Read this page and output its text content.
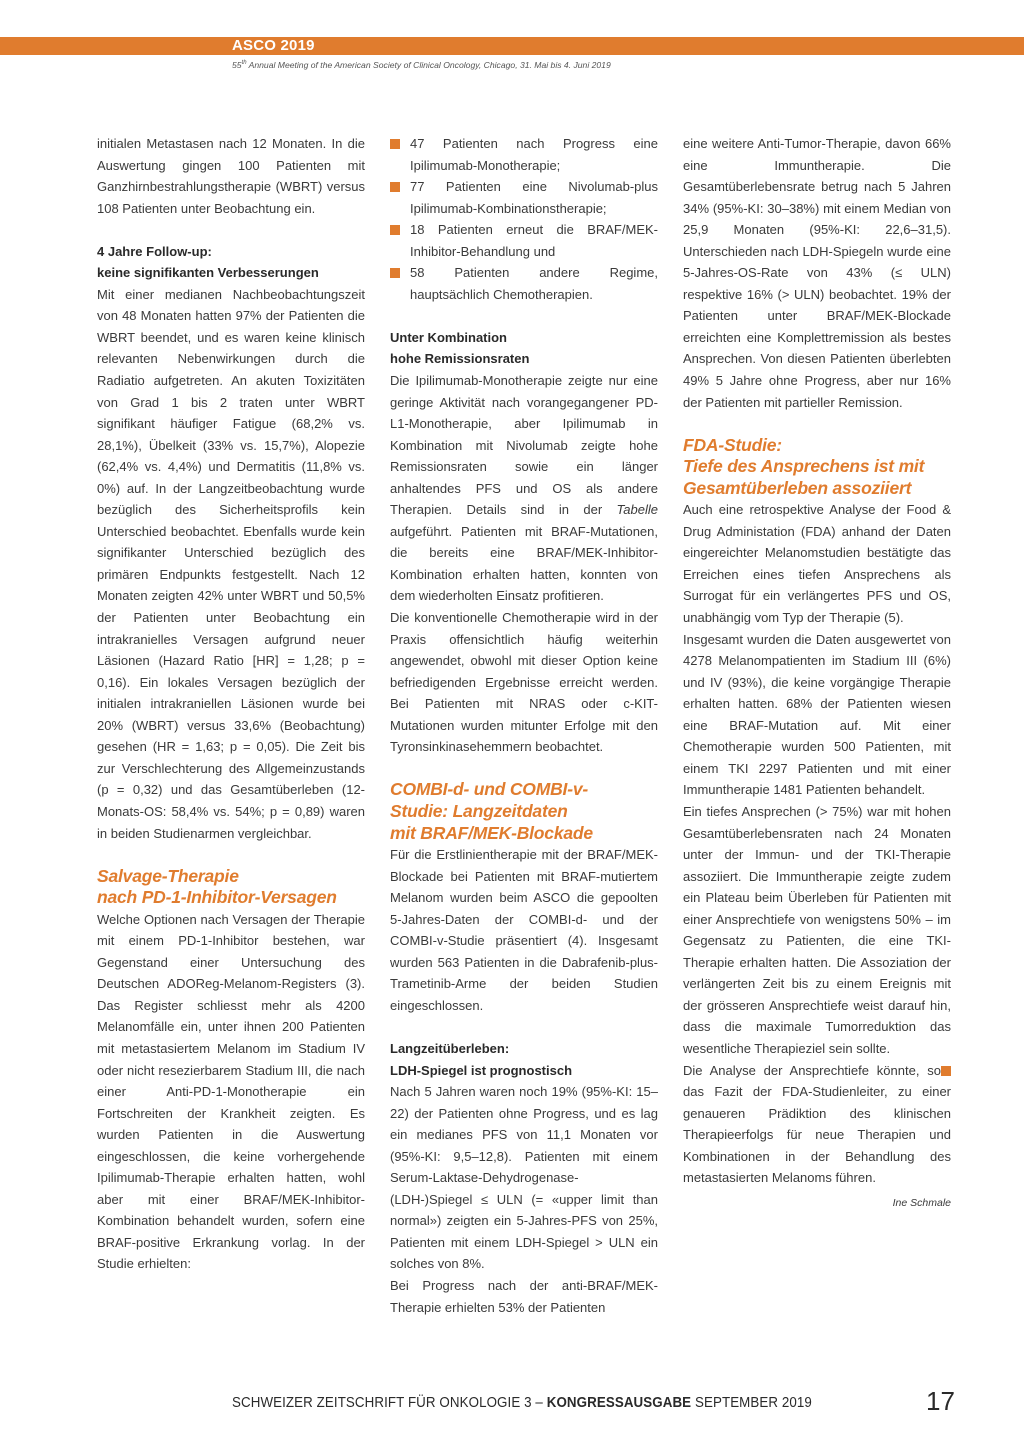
ASCO 2019
55th Annual Meeting of the American Society of Clinical Oncology, Chicago, 31. Mai bis 4. Juni 2019

initialen Metastasen nach 12 Monaten. In die Auswertung gingen 100 Patienten mit Ganzhirnbestrahlungstherapie (WBRT) versus 108 Patienten unter Beobachtung ein.

4 Jahre Follow-up:
keine signifikanten Verbesserungen

Mit einer medianen Nachbeobachtungszeit von 48 Monaten hatten 97% der Patienten die WBRT beendet, und es waren keine klinisch relevanten Nebenwirkungen durch die Radiatio aufgetreten. An akuten Toxizitäten von Grad 1 bis 2 traten unter WBRT signifikant häufiger Fatigue (68,2% vs. 28,1%), Übelkeit (33% vs. 15,7%), Alopezie (62,4% vs. 4,4%) und Dermatitis (11,8% vs. 0%) auf. In der Langzeitbeobachtung wurde bezüglich des Sicherheitsprofils kein Unterschied beobachtet. Ebenfalls wurde kein signifikanter Unterschied bezüglich des primären Endpunkts festgestellt. Nach 12 Monaten zeigten 42% unter WBRT und 50,5% der Patienten unter Beobachtung ein intrakranielles Versagen aufgrund neuer Läsionen (Hazard Ratio [HR] = 1,28; p = 0,16). Ein lokales Versagen bezüglich der initialen intrakraniellen Läsionen wurde bei 20% (WBRT) versus 33,6% (Beobachtung) gesehen (HR = 1,63; p = 0,05). Die Zeit bis zur Verschlechterung des Allgemeinzustands (p = 0,32) und das Gesamtüberleben (12-Monats-OS: 58,4% vs. 54%; p = 0,89) waren in beiden Studienarmen vergleichbar.

Salvage-Therapie
nach PD-1-Inhibitor-Versagen

Welche Optionen nach Versagen der Therapie mit einem PD-1-Inhibitor bestehen, war Gegenstand einer Untersuchung des Deutschen ADOReg-Melanom-Registers (3). Das Register schliesst mehr als 4200 Melanomfälle ein, unter ihnen 200 Patienten mit metastasiertem Melanom im Stadium IV oder nicht resezierbarem Stadium III, die nach einer Anti-PD-1-Monotherapie ein Fortschreiten der Krankheit zeigten. Es wurden Patienten in die Auswertung eingeschlossen, die keine vorhergehende Ipilimumab-Therapie erhalten hatten, wohl aber mit einer BRAF/MEK-Inhibitor-Kombination behandelt wurden, sofern eine BRAF-positive Erkrankung vorlag. In der Studie erhielten:

47 Patienten nach Progress eine Ipilimumab-Monotherapie;
77 Patienten eine Nivolumab-plus Ipilimumab-Kombinationstherapie;
18 Patienten erneut die BRAF/MEK-Inhibitor-Behandlung und
58 Patienten andere Regime, hauptsächlich Chemotherapien.
Unter Kombination
hohe Remissionsraten

Die Ipilimumab-Monotherapie zeigte nur eine geringe Aktivität nach vorangegangener PD-L1-Monotherapie, aber Ipilimumab in Kombination mit Nivolumab zeigte hohe Remissionsraten sowie ein länger anhaltendes PFS und OS als andere Therapien. Details sind in der Tabelle aufgeführt. Patienten mit BRAF-Mutationen, die bereits eine BRAF/MEK-Inhibitor-Kombination erhalten hatten, konnten von dem wiederholten Einsatz profitieren.

Die konventionelle Chemotherapie wird in der Praxis offensichtlich häufig weiterhin angewendet, obwohl mit dieser Option keine befriedigenden Ergebnisse erreicht werden. Bei Patienten mit NRAS oder c-KIT-Mutationen wurden mitunter Erfolge mit den Tyronsinkinasehemmern beobachtet.

COMBI-d- und COMBI-v-
Studie: Langzeitdaten
mit BRAF/MEK-Blockade

Für die Erstlinientherapie mit der BRAF/MEK-Blockade bei Patienten mit BRAF-mutiertem Melanom wurden beim ASCO die gepoolten 5-Jahres-Daten der COMBI-d- und der COMBI-v-Studie präsentiert (4). Insgesamt wurden 563 Patienten in die Dabrafenib-plus-Trametinib-Arme der beiden Studien eingeschlossen.

Langzeitüberleben:
LDH-Spiegel ist prognostisch

Nach 5 Jahren waren noch 19% (95%-KI: 15–22) der Patienten ohne Progress, und es lag ein medianes PFS von 11,1 Monaten vor (95%-KI: 9,5–12,8). Patienten mit einem Serum-Laktase-Dehydrogenase-(LDH-)Spiegel ≤ ULN (= «upper limit than normal») zeigten ein 5-Jahres-PFS von 25%, Patienten mit einem LDH-Spiegel > ULN ein solches von 8%.

Bei Progress nach der anti-BRAF/MEK-Therapie erhielten 53% der Patienten

eine weitere Anti-Tumor-Therapie, davon 66% eine Immuntherapie. Die Gesamtüberlebensrate betrug nach 5 Jahren 34% (95%-KI: 30–38%) mit einem Median von 25,9 Monaten (95%-KI: 22,6–31,5). Unterschieden nach LDH-Spiegeln wurde eine 5-Jahres-OS-Rate von 43% (≤ ULN) respektive 16% (> ULN) beobachtet. 19% der Patienten unter BRAF/MEK-Blockade erreichten eine Komplettremission als bestes Ansprechen. Von diesen Patienten überlebten 49% 5 Jahre ohne Progress, aber nur 16% der Patienten mit partieller Remission.

FDA-Studie:
Tiefe des Ansprechens ist mit
Gesamtüberleben assoziiert

Auch eine retrospektive Analyse der Food & Drug Administation (FDA) anhand der Daten eingereichter Melanomstudien bestätigte das Erreichen eines tiefen Ansprechens als Surrogat für ein verlängertes PFS und OS, unabhängig vom Typ der Therapie (5).

Insgesamt wurden die Daten ausgewertet von 4278 Melanompatienten im Stadium III (6%) und IV (93%), die keine vorgängige Therapie erhalten hatten. 68% der Patienten wiesen eine BRAF-Mutation auf. Mit einer Chemotherapie wurden 500 Patienten, mit einem TKI 2297 Patienten und mit einer Immuntherapie 1481 Patienten behandelt.

Ein tiefes Ansprechen (> 75%) war mit hohen Gesamtüberlebensraten nach 24 Monaten unter der Immun- und der TKI-Therapie assoziiert. Die Immuntherapie zeigte zudem ein Plateau beim Überleben für Patienten mit einer Ansprechtiefe von wenigstens 50% – im Gegensatz zu Patienten, die eine TKI-Therapie erhalten hatten. Die Assoziation der verlängerten Zeit bis zu einem Ereignis mit der grösseren Ansprechtiefe weist darauf hin, dass die maximale Tumorreduktion das wesentliche Therapieziel sein sollte.

Die Analyse der Ansprechtiefe könnte, so das Fazit der FDA-Studienleiter, zu einer genaueren Prädiktion des klinischen Therapieerfolgs für neue Therapien und Kombinationen in der Behandlung des metastasierten Melanoms führen.

Ine Schmale
SCHWEIZER ZEITSCHRIFT FÜR ONKOLOGIE 3 – KONGRESSAUSGABE SEPTEMBER 2019	17
